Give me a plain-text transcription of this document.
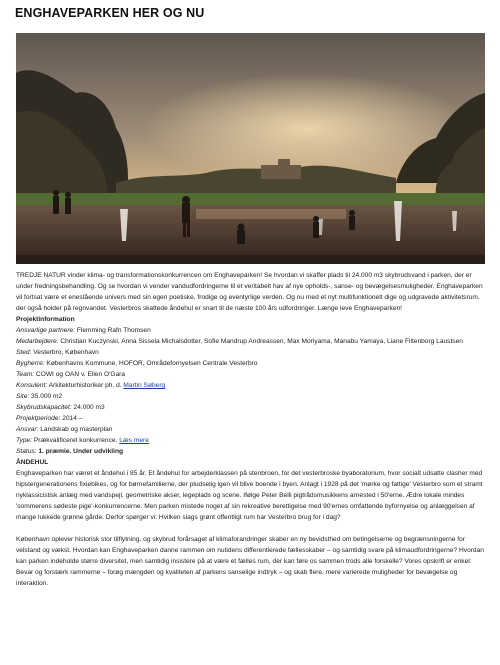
ENGHAVEPARKEN HER OG NU

TREDJE NATUR vinder klima- og transformationskonkurrencen om Enghaveparken! Se hvordan vi skaffer plads til 24.000 m3 skybrudsvand i parken, der er under fredningsbehandling. Og se hvordan vi vender vandudfordringerne til et veritabelt hav af nye opholds-, sanse- og bevægelsesmuligheder. Enghaveparken vil fortsat være et enestående univers med sin egen poetiske, frodige og eventyrlige verden. Og nu med et nyt multifunktionelt dige og udgravede aktivitetsrum, der også holder på regnvandet. Vesterbros skattede åndehul er snart til de næste 100 års udfordringer. Længe leve Enghaveparken!

Projektinformation

Ansvarlige partnere: Flemming Rafn Thomsen

Medarbejdere: Christian Kuczynski, Anna Sissela Michalsdotter, Sofie Mandrup Andreassen, Max Moriyama, Manabu Yamaya, Liane Filtenborg Laustsen

Sted: Vesterbro, København

Bygherre: Københavns Kommune, HOFOR, Områdefornyelsen Centrale Vesterbro

Team: COWI og OAN v. Ellen O'Gara

Konsulent: Arkitekturhistoriker ph. d. Martin Søberg

Site: 35.000 m2

Skybrudskapacitet: 24.000 m3

Projektperiode: 2014 –

Ansvar: Landskab og masterplan

Type: Prækvalificeret konkurrence. Læs mere

Status: 1. præmie. Under udvikling

ÅNDEHUL

Enghaveparken har været et åndehul i 85 år. Et åndehul for arbejderklassen på stenbroen, for det vesterbroske byaboratorium, hvor socialt udsatte clasher med hipstergenerationens fixiebikes, og for børnefamilierne, der pludselig igen vil blive boende i byen. Anlagt i 1928 på det 'mørke og fattige' Vesterbro som et stramt nyklassicistisk anlæg med vandspejl, geometriske akser, legeplads og scene. Ifølge Peter Belli pigtrådsmusikkens arnested i 50'erne. Ædre lokale mindes 'sommerens sødeste pige'-konkurrencerne. Men parken mistede noget af sin rekreative berettigelse med 90'ernes omfattende byfornyelse og anlæggelsen af mange lukkede grønne gårde. Derfor spørger vi: Hvilken slags grønt offentligt rum har Vesterbro brug for i dag?

København oplever historisk stor tilflytning, og skybrud forårsaget af klimaforandringer skaber en ny bevidsthed om betingelserne og begrænsningerne for velstand og vækst. Hvordan kan Enghaveparken danne rammen om nutidens differentierede fællesskaber – og samtidig svare på klimaudfordringerne? Hvordan kan parken indeholde større diversitet, men samtidig insistere på at være et fælles rum, der kan føre os sammen trods alle forskelle? Vores opskrift er enkel: Bevar og forstærk rammerne – forøg mængden og kvaliteten af parkens sanselige indtryk – og skab flere, mere varierede muligheder for bevægelse og interaktion.
